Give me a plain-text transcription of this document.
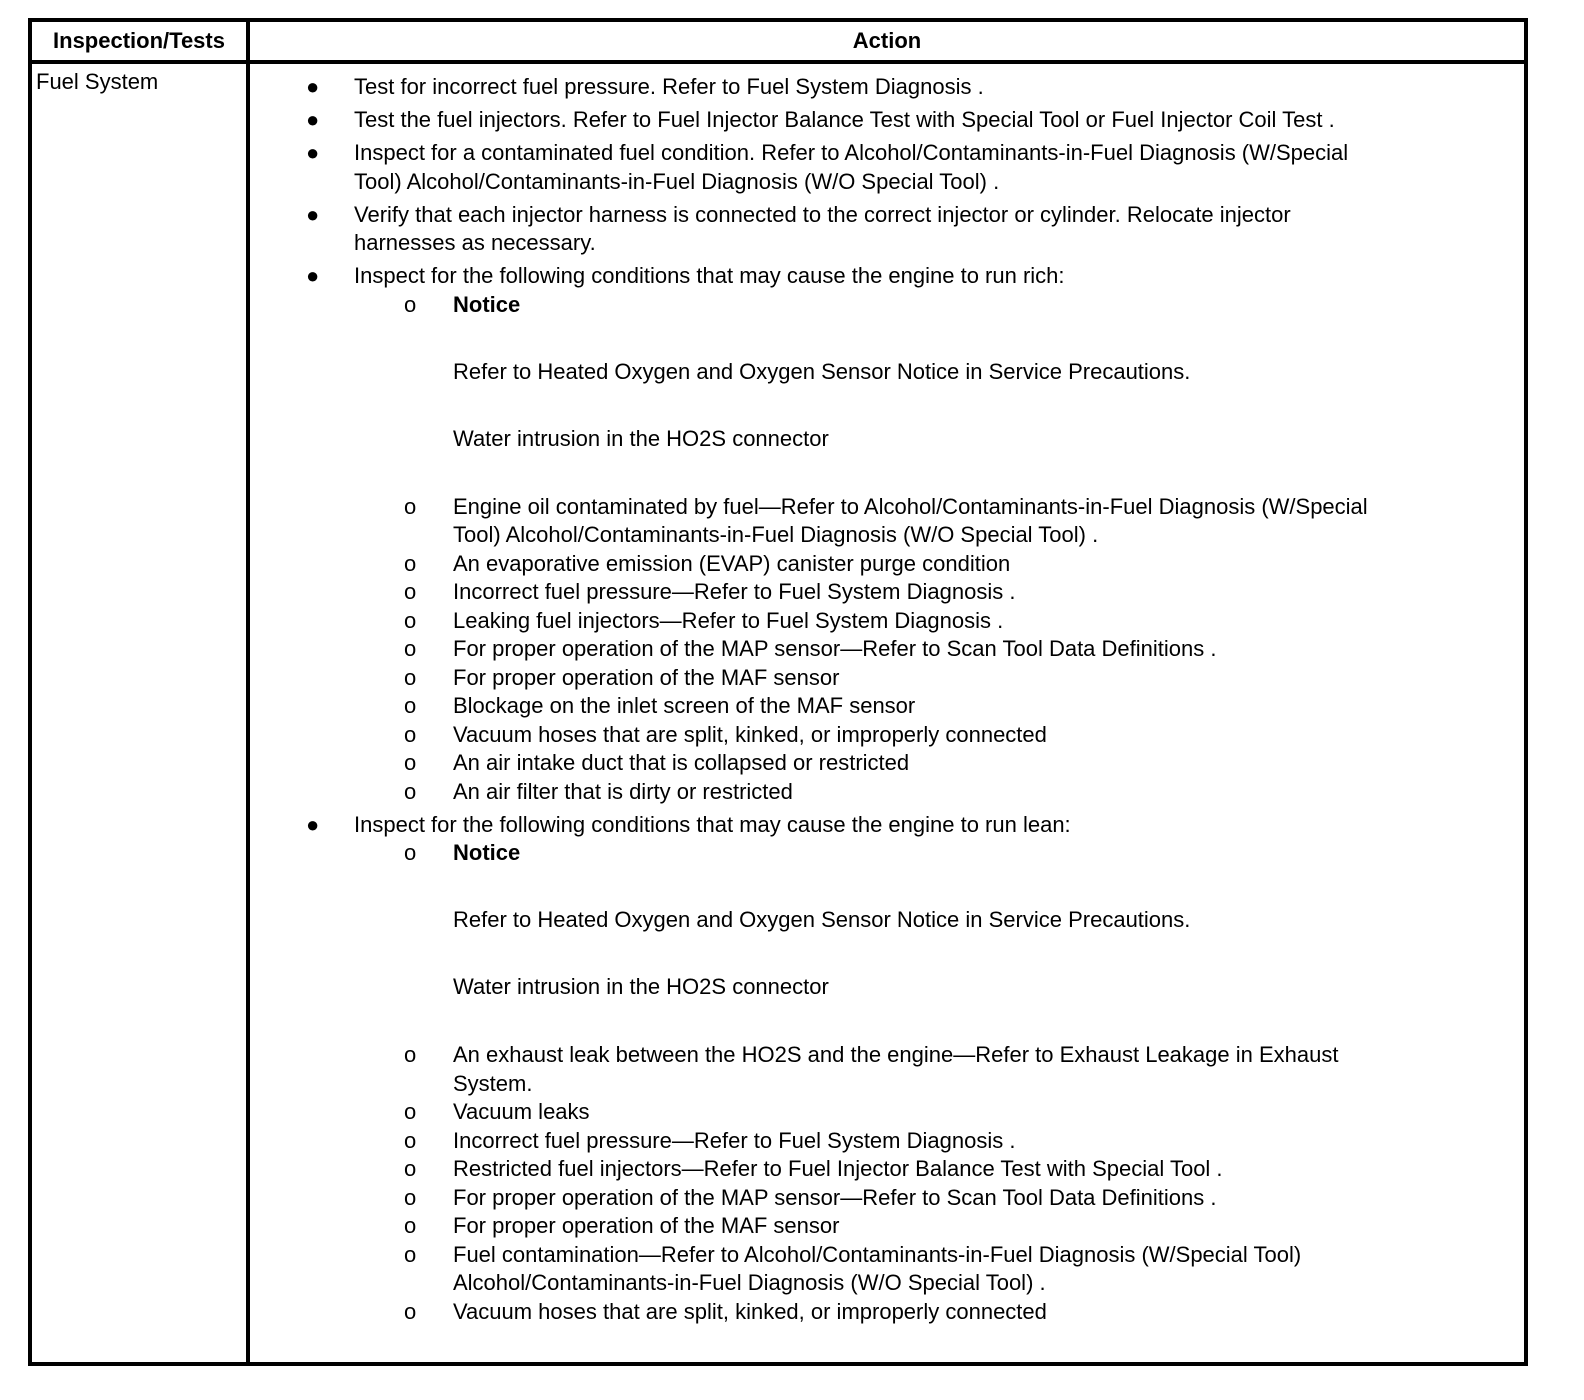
Inspection/Tests	Action
Fuel System	● Test for incorrect fuel pressure. Refer to Fuel System Diagnosis .
● Test the fuel injectors. Refer to Fuel Injector Balance Test with Special Tool or Fuel Injector Coil Test .
● Inspect for a contaminated fuel condition. Refer to Alcohol/Contaminants-in-Fuel Diagnosis (W/Special
Tool) Alcohol/Contaminants-in-Fuel Diagnosis (W/O Special Tool) .
● Verify that each injector harness is connected to the correct injector or cylinder. Relocate injector
harnesses as necessary.
● Inspect for the following conditions that may cause the engine to run rich:
o Notice
Refer to Heated Oxygen and Oxygen Sensor Notice in Service Precautions.
Water intrusion in the HO2S connector
o Engine oil contaminated by fuel—Refer to Alcohol/Contaminants-in-Fuel Diagnosis (W/Special
Tool) Alcohol/Contaminants-in-Fuel Diagnosis (W/O Special Tool) .
o An evaporative emission (EVAP) canister purge condition
o Incorrect fuel pressure—Refer to Fuel System Diagnosis .
o Leaking fuel injectors—Refer to Fuel System Diagnosis .
o For proper operation of the MAP sensor—Refer to Scan Tool Data Definitions .
o For proper operation of the MAF sensor
o Blockage on the inlet screen of the MAF sensor
o Vacuum hoses that are split, kinked, or improperly connected
o An air intake duct that is collapsed or restricted
o An air filter that is dirty or restricted
● Inspect for the following conditions that may cause the engine to run lean:
o Notice
Refer to Heated Oxygen and Oxygen Sensor Notice in Service Precautions.
Water intrusion in the HO2S connector
o An exhaust leak between the HO2S and the engine—Refer to Exhaust Leakage in Exhaust
System.
o Vacuum leaks
o Incorrect fuel pressure—Refer to Fuel System Diagnosis .
o Restricted fuel injectors—Refer to Fuel Injector Balance Test with Special Tool .
o For proper operation of the MAP sensor—Refer to Scan Tool Data Definitions .
o For proper operation of the MAF sensor
o Fuel contamination—Refer to Alcohol/Contaminants-in-Fuel Diagnosis (W/Special Tool)
Alcohol/Contaminants-in-Fuel Diagnosis (W/O Special Tool) .
o Vacuum hoses that are split, kinked, or improperly connected
